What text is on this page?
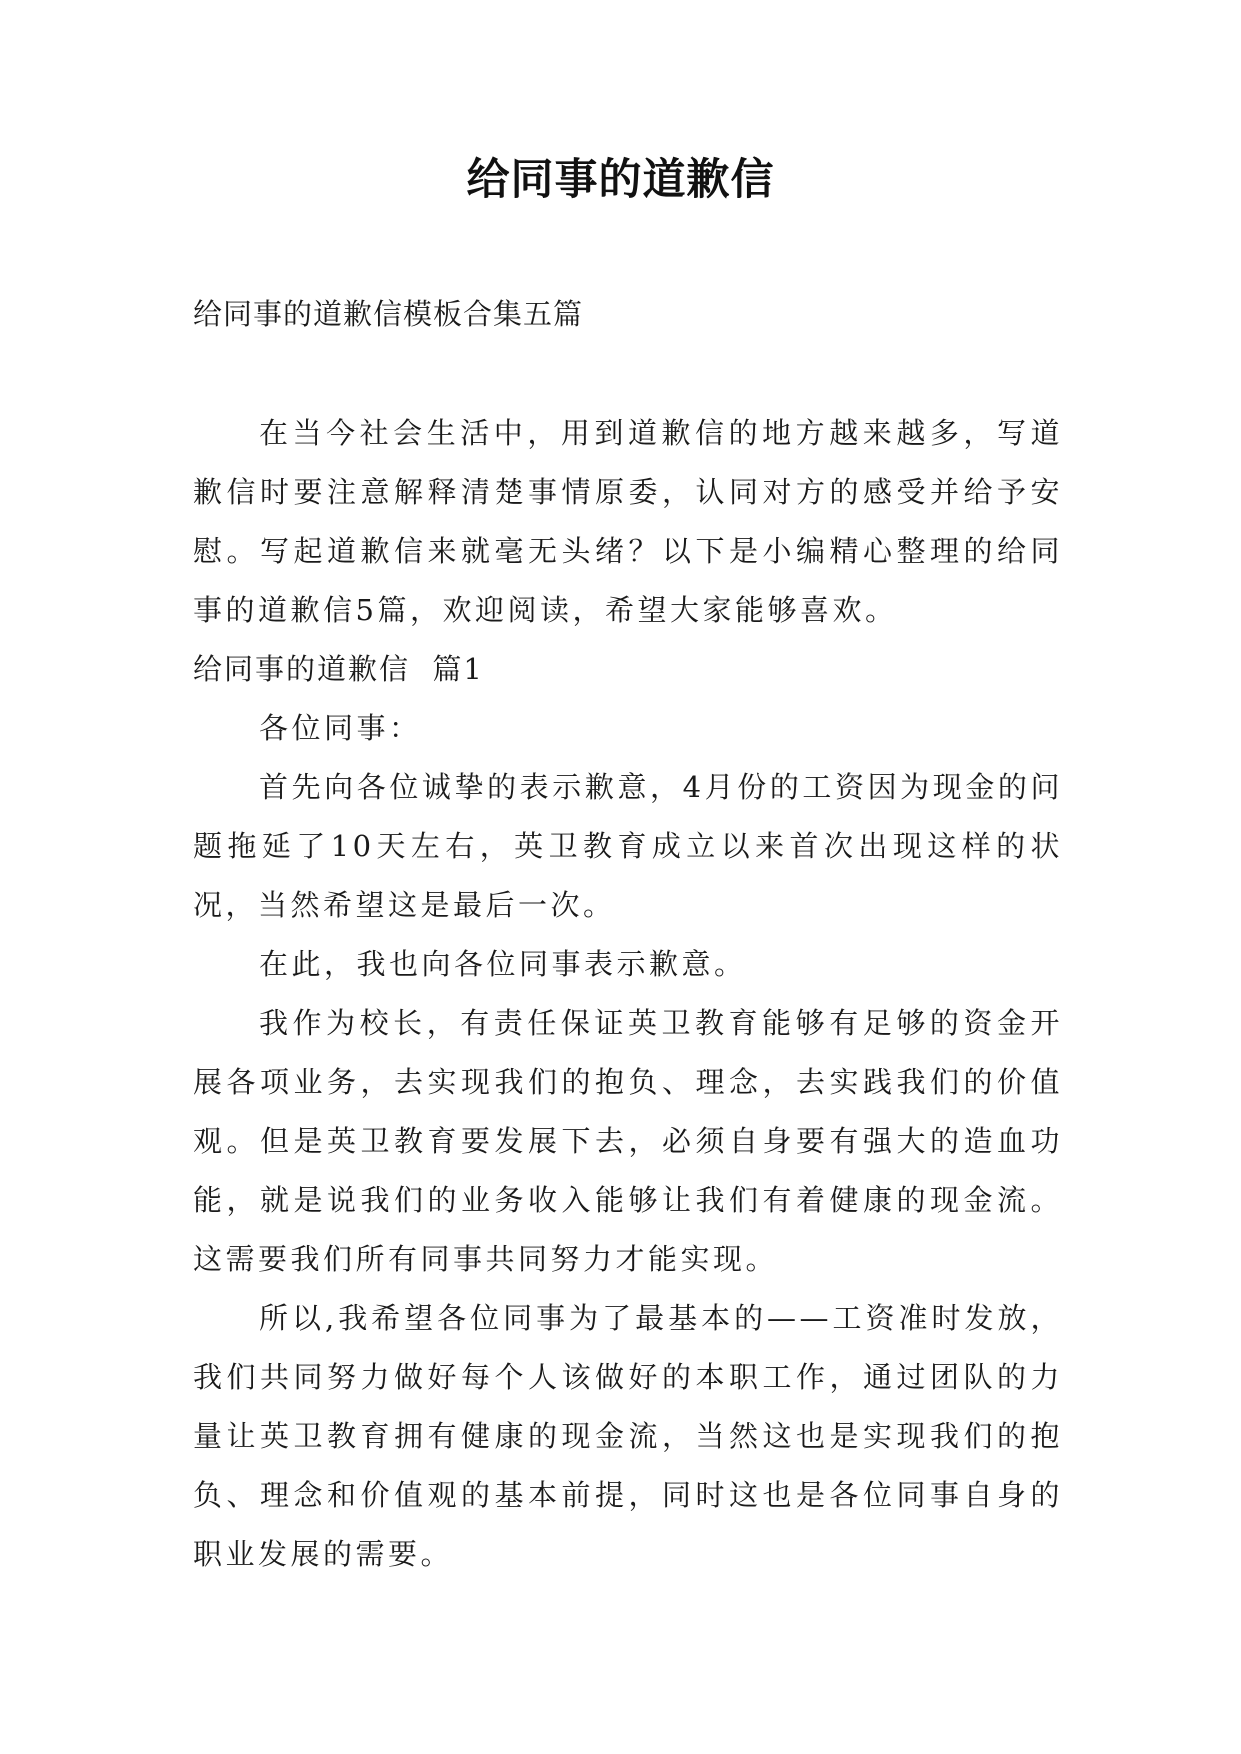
给同事的道歉信
给同事的道歉信模板合集五篇

在当今社会生活中，用到道歉信的地方越来越多，写道歉信时要注意解释清楚事情原委，认同对方的感受并给予安慰。写起道歉信来就毫无头绪？以下是小编精心整理的给同事的道歉信5篇，欢迎阅读，希望大家能够喜欢。

给同事的道歉信  篇1

各位同事：

首先向各位诚挚的表示歉意，4月份的工资因为现金的问题拖延了10天左右，英卫教育成立以来首次出现这样的状况，当然希望这是最后一次。

在此，我也向各位同事表示歉意。

我作为校长，有责任保证英卫教育能够有足够的资金开展各项业务，去实现我们的抱负、理念，去实践我们的价值观。但是英卫教育要发展下去，必须自身要有强大的造血功能，就是说我们的业务收入能够让我们有着健康的现金流。这需要我们所有同事共同努力才能实现。

所以,我希望各位同事为了最基本的——工资准时发放，我们共同努力做好每个人该做好的本职工作，通过团队的力量让英卫教育拥有健康的现金流，当然这也是实现我们的抱负、理念和价值观的基本前提，同时这也是各位同事自身的职业发展的需要。
